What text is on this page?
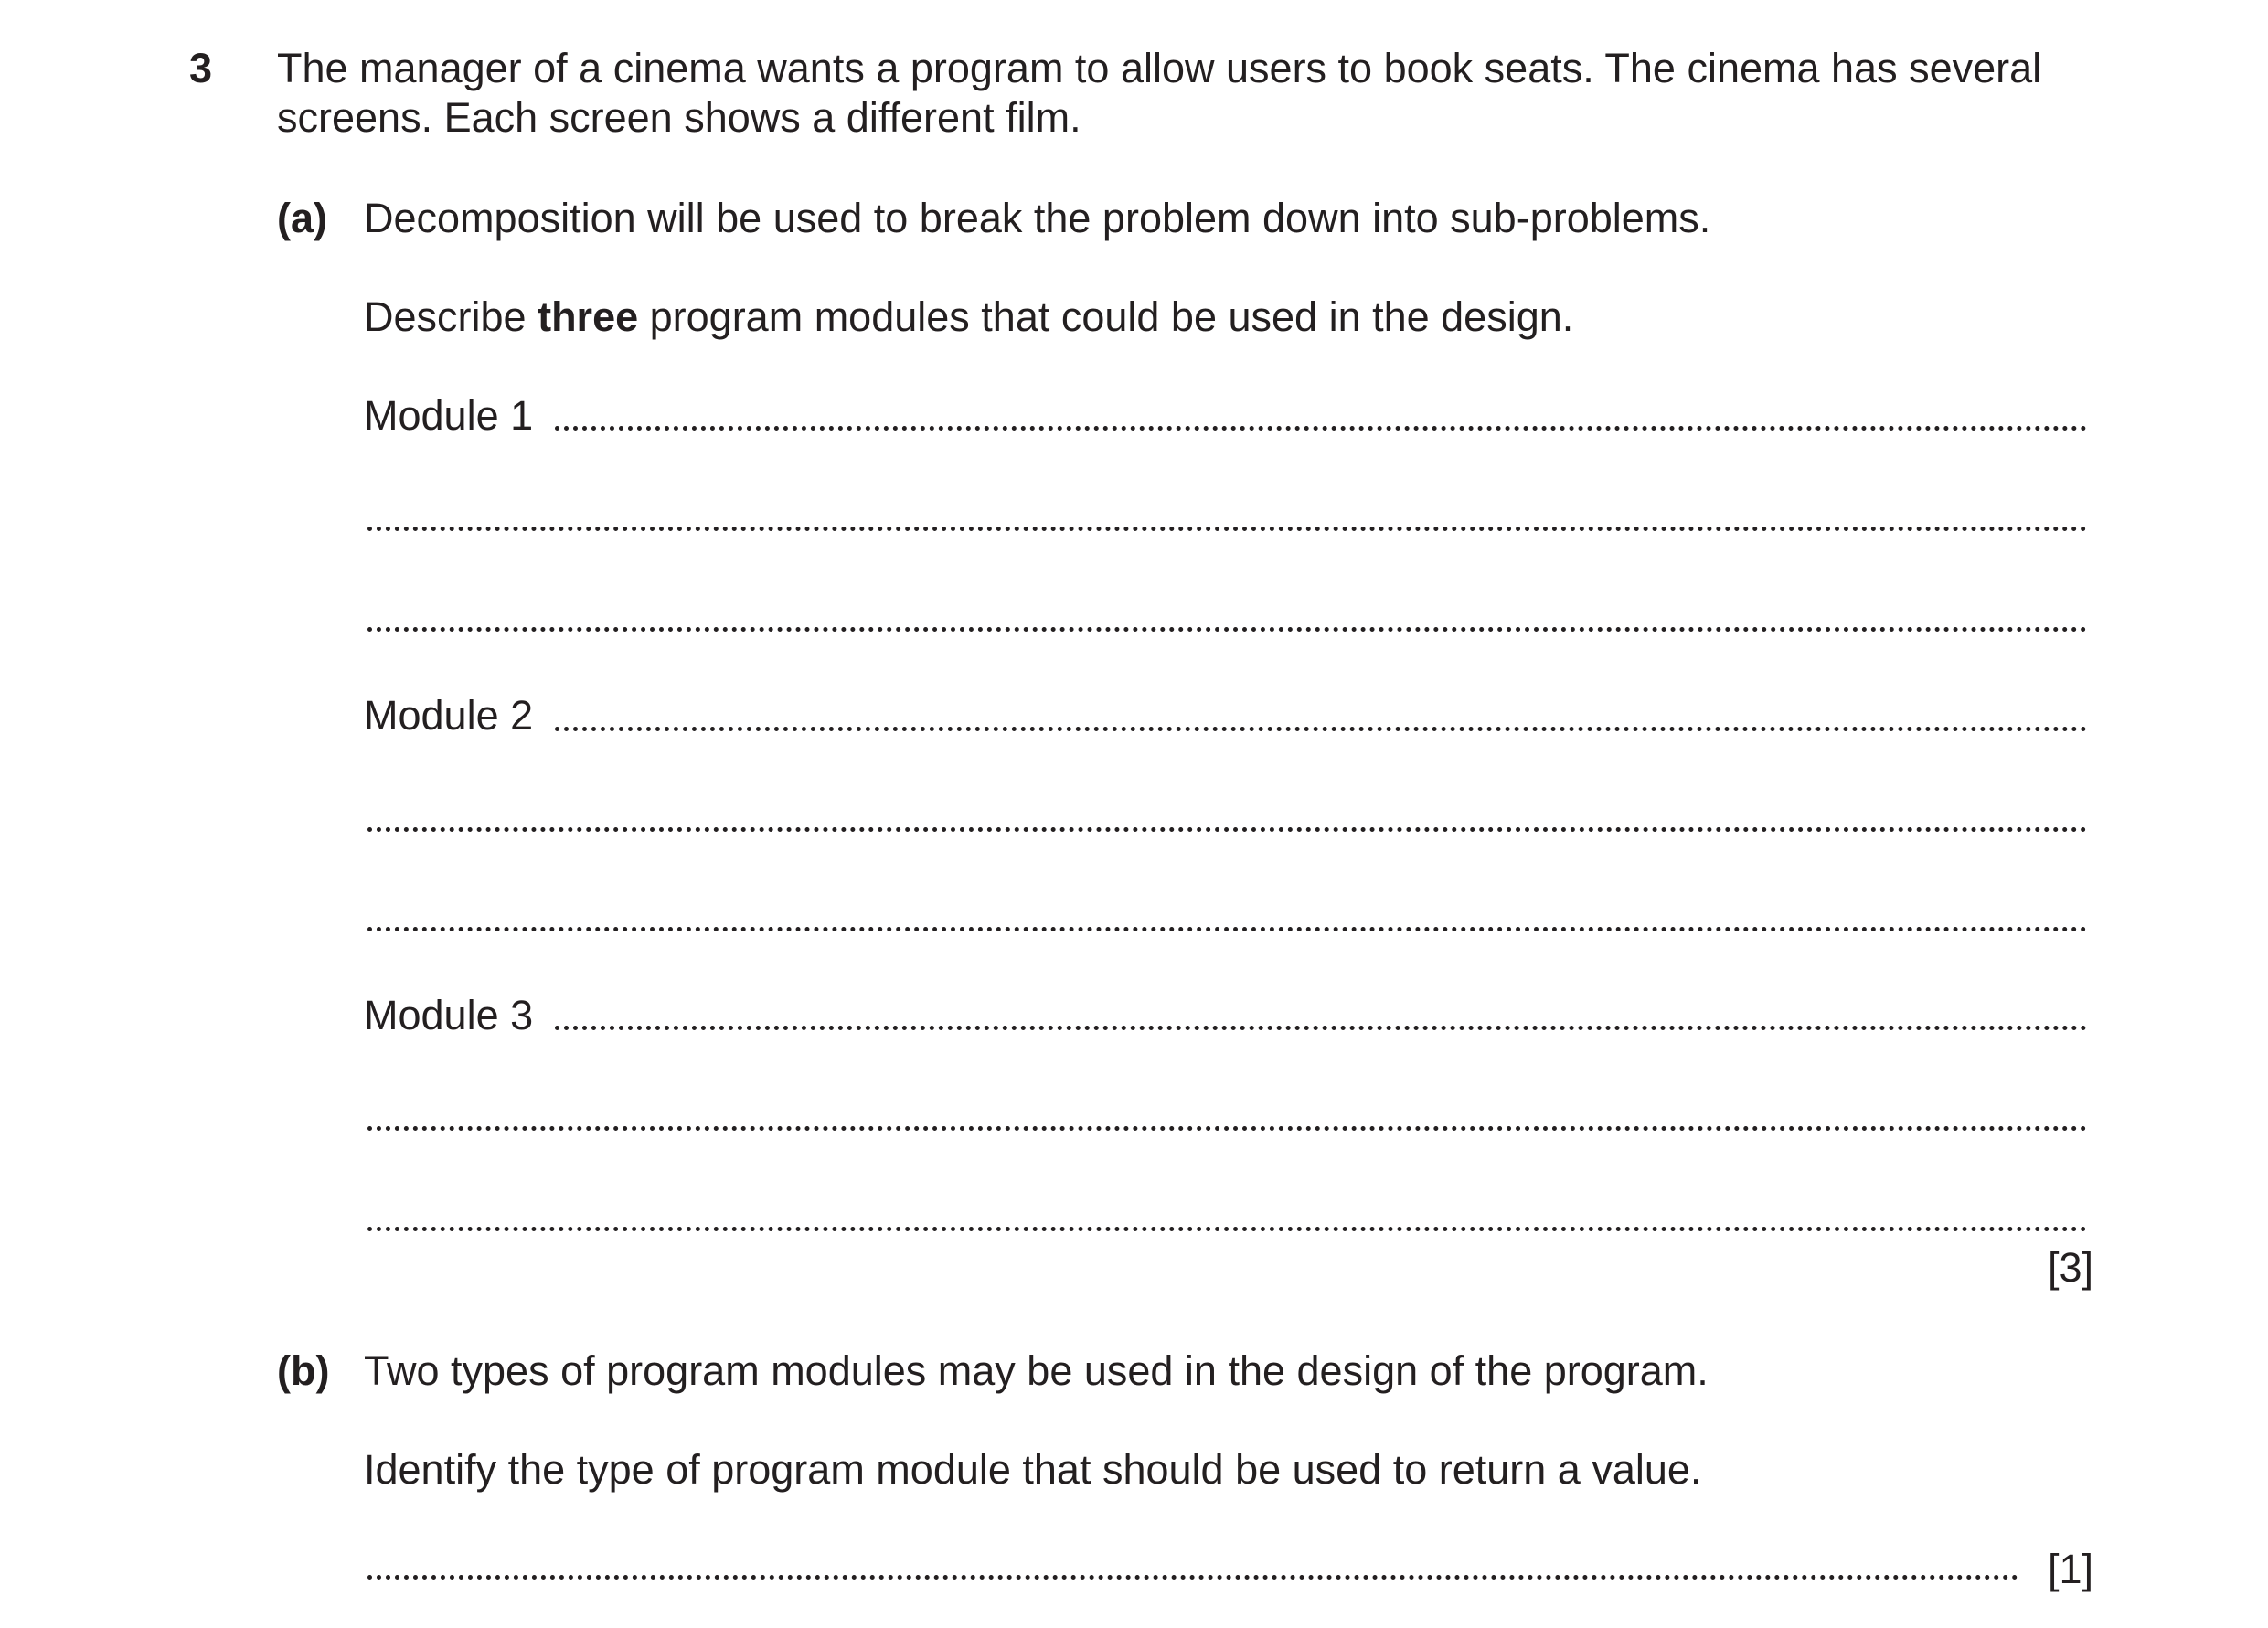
3 The manager of a cinema wants a program to allow users to book seats. The cinema has several
screens. Each screen shows a different film.
(a) Decomposition will be used to break the problem down into sub-problems.
Describe three program modules that could be used in the design.
Module 1
Module 2
Module 3
[3]
(b) Two types of program modules may be used in the design of the program.
Identify the type of program module that should be used to return a value.
[1]
